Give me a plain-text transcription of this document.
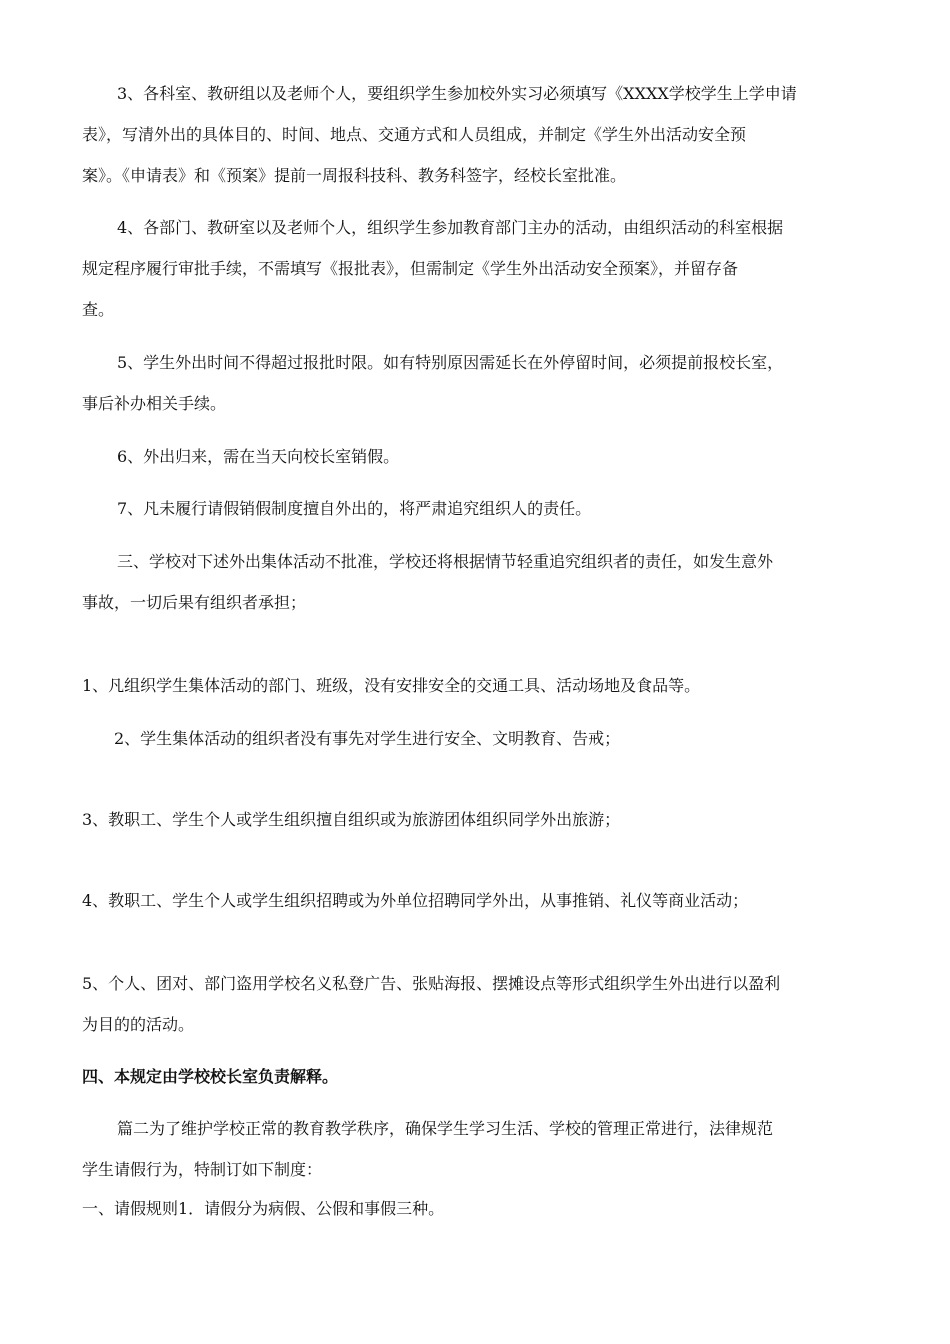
3、各科室、教研组以及老师个人，要组织学生参加校外实习必须填写《XXXX学校学生上学申请
表》，写清外出的具体目的、时间、地点、交通方式和人员组成，并制定《学生外出活动安全预
案》。《申请表》和《预案》提前一周报科技科、教务科签字，经校长室批准。
4、各部门、教研室以及老师个人，组织学生参加教育部门主办的活动，由组织活动的科室根据
规定程序履行审批手续，不需填写《报批表》，但需制定《学生外出活动安全预案》，并留存备
查。
5、学生外出时间不得超过报批时限。如有特别原因需延长在外停留时间，必须提前报校长室，
事后补办相关手续。
6、外出归来，需在当天向校长室销假。
7、凡未履行请假销假制度擅自外出的，将严肃追究组织人的责任。
三、学校对下述外出集体活动不批准，学校还将根据情节轻重追究组织者的责任，如发生意外
事故，一切后果有组织者承担；
1、凡组织学生集体活动的部门、班级，没有安排安全的交通工具、活动场地及食品等。
2、学生集体活动的组织者没有事先对学生进行安全、文明教育、告戒；
3、教职工、学生个人或学生组织擅自组织或为旅游团体组织同学外出旅游；
4、教职工、学生个人或学生组织招聘或为外单位招聘同学外出，从事推销、礼仪等商业活动；
5、个人、团对、部门盗用学校名义私登广告、张贴海报、摆摊设点等形式组织学生外出进行以盈利
为目的的活动。
四、本规定由学校校长室负责解释。
篇二为了维护学校正常的教育教学秩序，确保学生学习生活、学校的管理正常进行，法律规范
学生请假行为，特制订如下制度：
一、请假规则1．请假分为病假、公假和事假三种。
